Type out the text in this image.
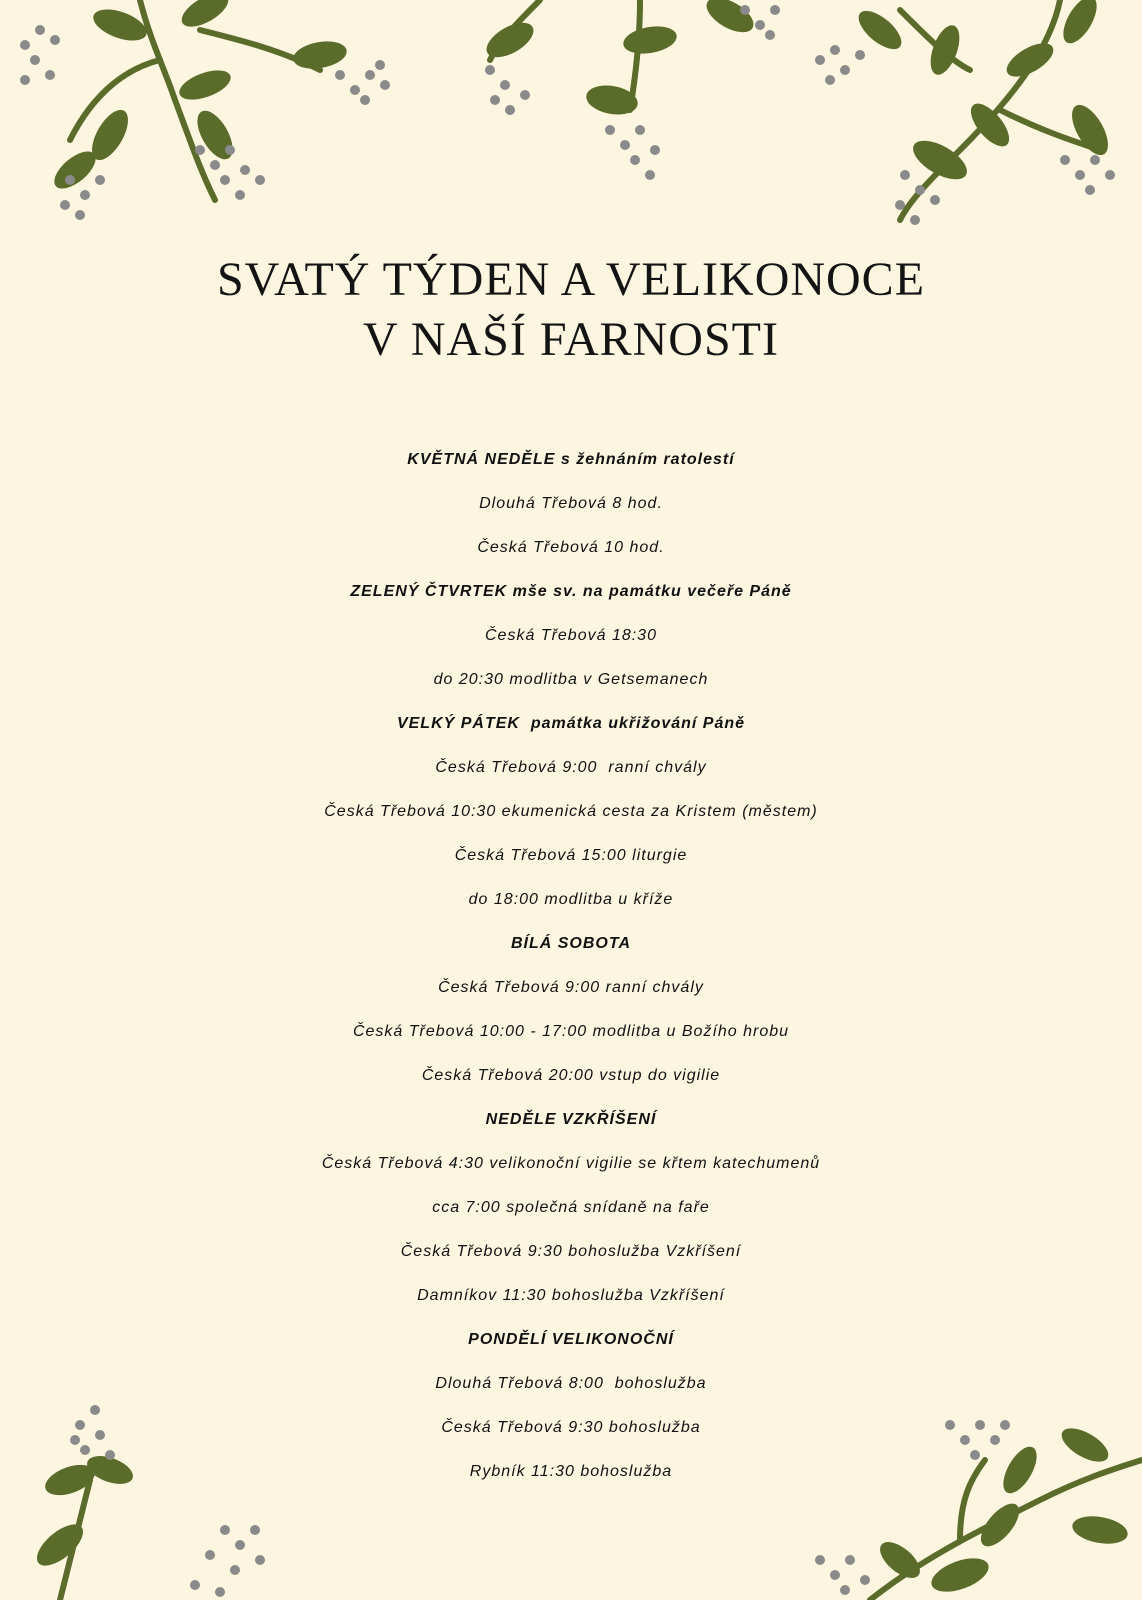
SVATÝ TÝDEN A VELIKONOCE
V NAŠÍ FARNOSTI
KVĚTNÁ NEDĚLE s žehnáním ratolestí
Dlouhá Třebová 8 hod.
Česká Třebová 10 hod.
ZELENÝ ČTVRTEK mše sv. na památku večeře Páně
Česká Třebová 18:30
do 20:30 modlitba v Getsemanech
VELKÝ PÁTEK  památka ukřižování Páně
Česká Třebová 9:00  ranní chvály
Česká Třebová 10:30 ekumenická cesta za Kristem (městem)
Česká Třebová 15:00 liturgie
do 18:00 modlitba u kříže
BÍLÁ SOBOTA
Česká Třebová 9:00 ranní chvály
Česká Třebová 10:00 - 17:00 modlitba u Božího hrobu
Česká Třebová 20:00 vstup do vigilie
NEDĚLE VZKŘÍŠENÍ
Česká Třebová 4:30 velikonoční vigilie se křtem katechumenů
cca 7:00 společná snídaně na faře
Česká Třebová 9:30 bohoslužba Vzkříšení
Damníkov 11:30 bohoslužba Vzkříšení
PONDĚLÍ VELIKONOČNÍ
Dlouhá Třebová 8:00  bohoslužba
Česká Třebová 9:30 bohoslužba
Rybník 11:30 bohoslužba
